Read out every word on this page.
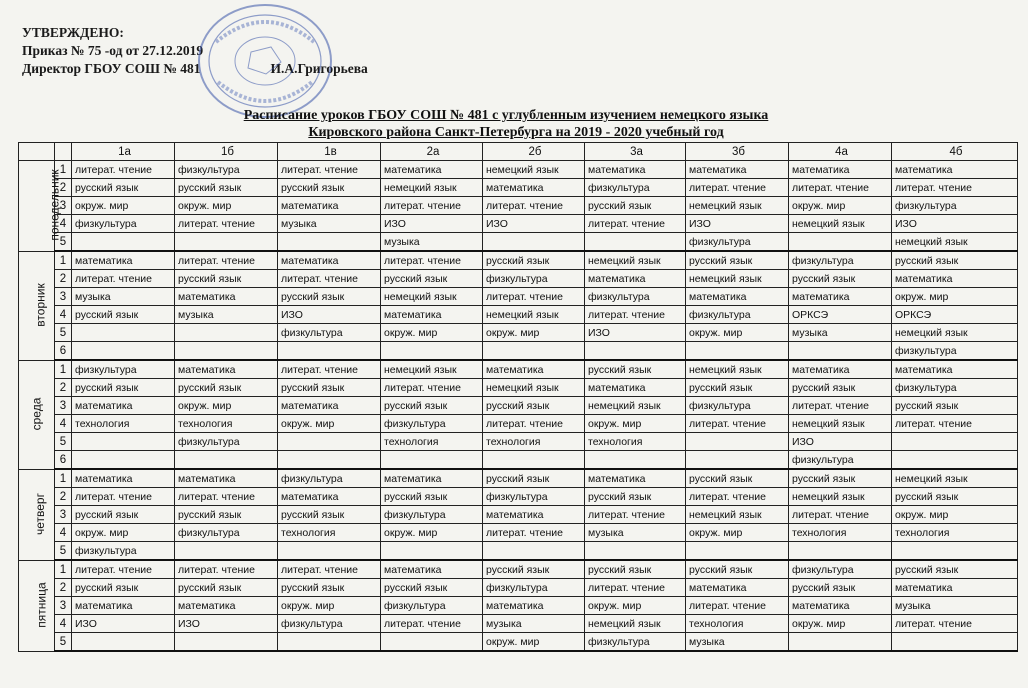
УТВЕРЖДЕНО:
Приказ № 75 -од от 27.12.2019
Директор ГБОУ СОШ № 481	И.А.Григорьева
Расписание уроков ГБОУ СОШ № 481 с углубленным изучением немецкого языка
Кировского района Санкт-Петербурга на 2019 - 2020 учебный год
		1а	1б	1в	2а	2б	3а	3б	4а	4б
понедельник	1	литерат. чтение	физкультура	литерат. чтение	математика	немецкий язык	математика	математика	математика	математика
	2	русский язык	русский язык	русский язык	немецкий язык	математика	физкультура	литерат. чтение	литерат. чтение	литерат. чтение
	3	окруж. мир	окруж. мир	математика	литерат. чтение	литерат. чтение	русский язык	немецкий язык	окруж. мир	физкультура
	4	физкультура	литерат. чтение	музыка	ИЗО	ИЗО	литерат. чтение	ИЗО	немецкий язык	ИЗО
	5				музыка			физкультура		немецкий язык
вторник	1	математика	литерат. чтение	математика	литерат. чтение	русский язык	немецкий язык	русский язык	физкультура	русский язык
	2	литерат. чтение	русский язык	литерат. чтение	русский язык	физкультура	математика	немецкий язык	русский язык	математика
	3	музыка	математика	русский язык	немецкий язык	литерат. чтение	физкультура	математика	математика	окруж. мир
	4	русский язык	музыка	ИЗО	математика	немецкий язык	литерат. чтение	физкультура	ОРКСЭ	ОРКСЭ
	5			физкультура	окруж. мир	окруж. мир	ИЗО	окруж. мир	музыка	немецкий язык
	6									физкультура
среда	1	физкультура	математика	литерат. чтение	немецкий язык	математика	русский язык	немецкий язык	математика	математика
	2	русский язык	русский язык	русский язык	литерат. чтение	немецкий язык	математика	русский язык	русский язык	физкультура
	3	математика	окруж. мир	математика	русский язык	русский язык	немецкий язык	физкультура	литерат. чтение	русский язык
	4	технология	технология	окруж. мир	физкультура	литерат. чтение	окруж. мир	литерат. чтение	немецкий язык	литерат. чтение
	5		физкультура		технология	технология	технология		ИЗО	
	6								физкультура	
четверг	1	математика	математика	физкультура	математика	русский язык	математика	русский язык	русский язык	немецкий язык
	2	литерат. чтение	литерат. чтение	математика	русский язык	физкультура	русский язык	литерат. чтение	немецкий язык	русский язык
	3	русский язык	русский язык	русский язык	физкультура	математика	литерат. чтение	немецкий язык	литерат. чтение	окруж. мир
	4	окруж. мир	физкультура	технология	окруж. мир	литерат. чтение	музыка	окруж. мир	технология	технология
	5	физкультура								
пятница	1	литерат. чтение	литерат. чтение	литерат. чтение	математика	русский язык	русский язык	русский язык	физкультура	русский язык
	2	русский язык	русский язык	русский язык	русский язык	физкультура	литерат. чтение	математика	русский язык	математика
	3	математика	математика	окруж. мир	физкультура	математика	окруж. мир	литерат. чтение	математика	музыка
	4	ИЗО	ИЗО	физкультура	литерат. чтение	музыка	немецкий язык	технология	окруж. мир	литерат. чтение
	5					окруж. мир	физкультура	музыка		
